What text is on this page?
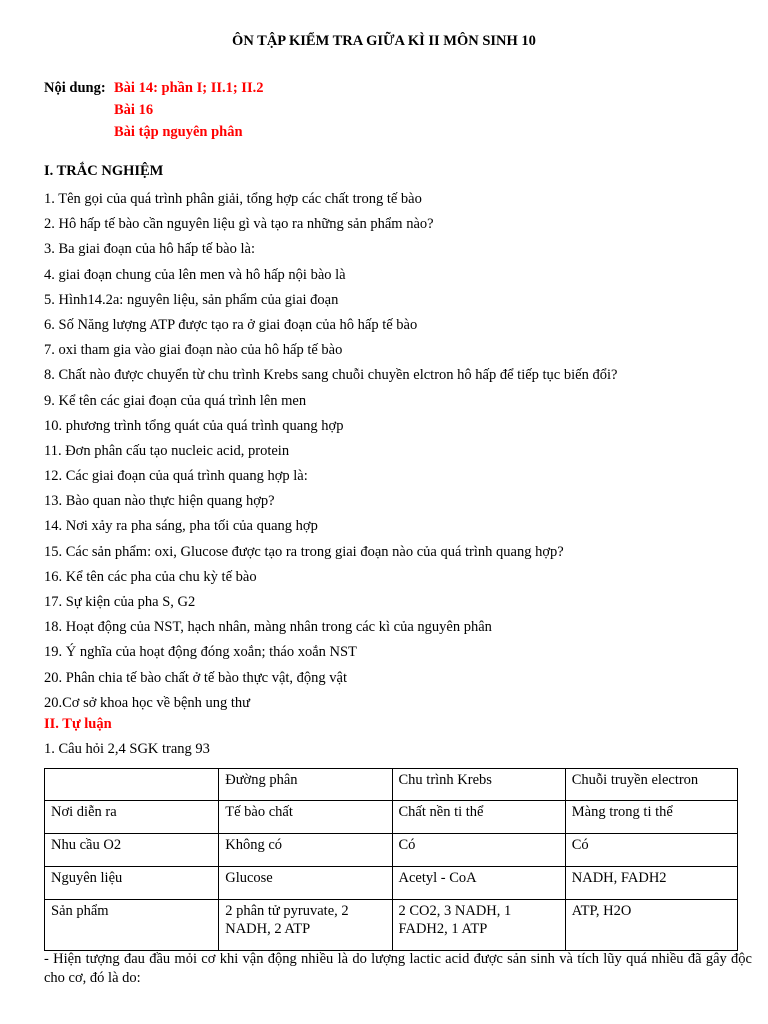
ÔN TẬP KIỂM TRA GIỮA KÌ II MÔN SINH 10
Nội dung: Bài 14: phần I; II.1; II.2
Bài 16
Bài tập nguyên phân
I. TRẮC NGHIỆM
1. Tên gọi của quá trình phân giải, tổng hợp các chất trong tế bào
2. Hô hấp tế bào cần nguyên liệu gì và tạo ra những sản phẩm nào?
3. Ba giai đoạn của hô hấp tế bào là:
4. giai đoạn chung của lên men và hô hấp nội bào là
5. Hình14.2a: nguyên liệu, sản phẩm của giai đoạn
6. Số Năng lượng ATP được tạo ra ở giai đoạn của hô hấp tế bào
7. oxi tham gia vào giai đoạn nào của hô hấp tế bào
8. Chất nào được chuyển từ chu trình Krebs sang chuỗi chuyền elctron hô hấp để tiếp tục biến đổi?
9. Kể tên các giai đoạn của quá trình lên men
10. phương trình tổng quát của quá trình quang hợp
11. Đơn phân cấu tạo nucleic acid, protein
12. Các giai đoạn của quá trình quang hợp là:
13. Bào quan nào thực hiện quang hợp?
14. Nơi xảy ra pha sáng, pha tối của quang hợp
15. Các sản phẩm: oxi, Glucose được tạo ra trong giai đoạn nào của quá trình quang hợp?
16. Kể tên các pha của chu kỳ tế bào
17. Sự kiện của pha S, G2
18. Hoạt động của NST, hạch nhân, màng nhân trong các kì của nguyên phân
19. Ý nghĩa của hoạt động đóng xoắn; tháo xoắn NST
20. Phân chia tế bào chất ở tế bào thực vật, động vật
20.Cơ sở khoa học về bệnh ung thư
II. Tự luận
1. Câu hỏi 2,4 SGK trang 93
	Đường phân	Chu trình Krebs	Chuỗi truyền electron
Nơi diễn ra	Tế bào chất	Chất nền ti thể	Màng trong ti thể
Nhu cầu O2	Không có	Có	Có
Nguyên liệu	Glucose	Acetyl - CoA	NADH, FADH2
Sản phẩm	2 phân tử pyruvate, 2 NADH, 2 ATP	2 CO2, 3 NADH, 1 FADH2, 1 ATP	ATP, H2O
- Hiện tượng đau đầu mỏi cơ khi vận động nhiều là do lượng lactic acid được sản sinh và tích lũy quá nhiều đã gây độc cho cơ, đó là do:
